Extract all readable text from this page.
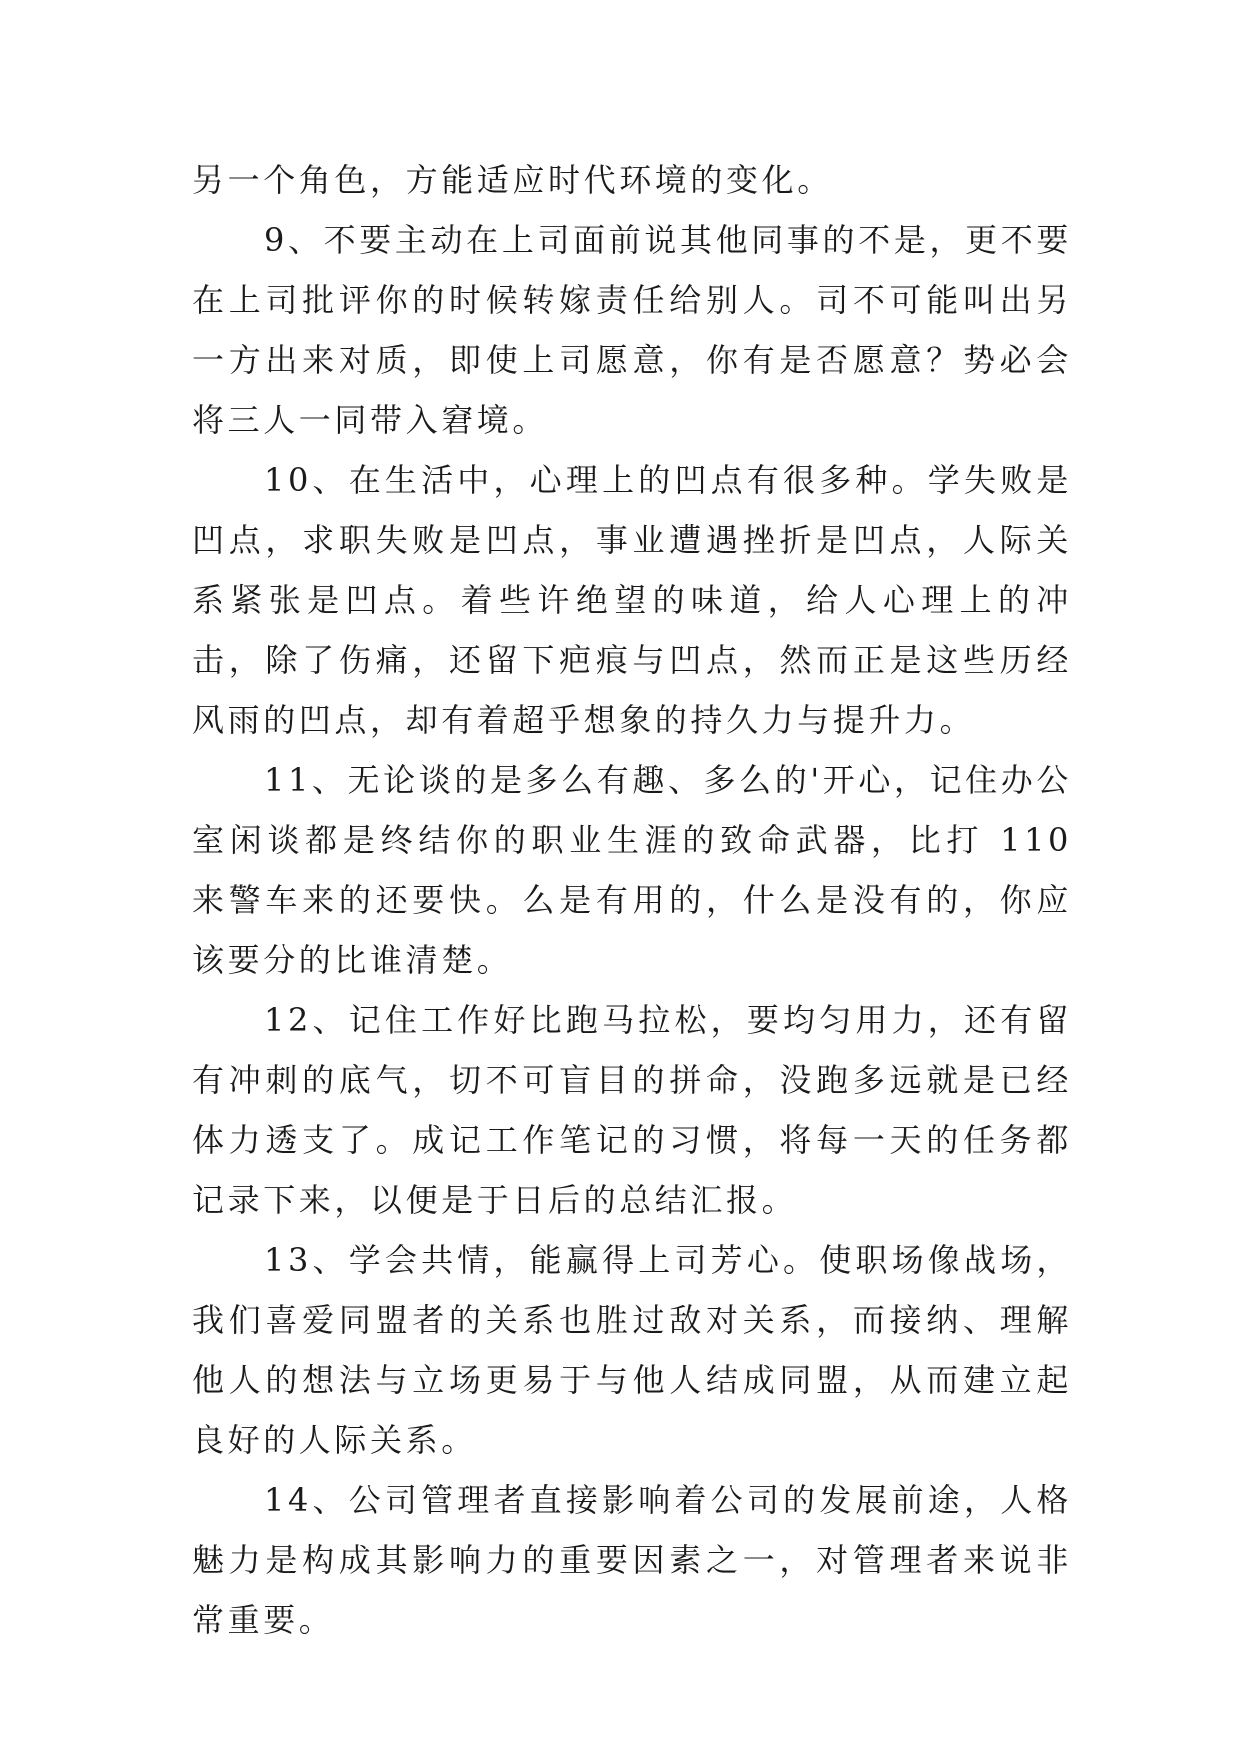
另一个角色，方能适应时代环境的变化。

9、不要主动在上司面前说其他同事的不是，更不要在上司批评你的时候转嫁责任给别人。司不可能叫出另一方出来对质，即使上司愿意，你有是否愿意？势必会将三人一同带入窘境。

10、在生活中，心理上的凹点有很多种。学失败是凹点，求职失败是凹点，事业遭遇挫折是凹点，人际关系紧张是凹点。着些许绝望的味道，给人心理上的冲击，除了伤痛，还留下疤痕与凹点，然而正是这些历经风雨的凹点，却有着超乎想象的持久力与提升力。

11、无论谈的是多么有趣、多么的'开心，记住办公室闲谈都是终结你的职业生涯的致命武器，比打 110 来警车来的还要快。么是有用的，什么是没有的，你应该要分的比谁清楚。

12、记住工作好比跑马拉松，要均匀用力，还有留有冲刺的底气，切不可盲目的拼命，没跑多远就是已经体力透支了。成记工作笔记的习惯，将每一天的任务都记录下来，以便是于日后的总结汇报。

13、学会共情，能赢得上司芳心。使职场像战场，我们喜爱同盟者的关系也胜过敌对关系，而接纳、理解他人的想法与立场更易于与他人结成同盟，从而建立起良好的人际关系。

14、公司管理者直接影响着公司的发展前途，人格魅力是构成其影响力的重要因素之一，对管理者来说非常重要。
